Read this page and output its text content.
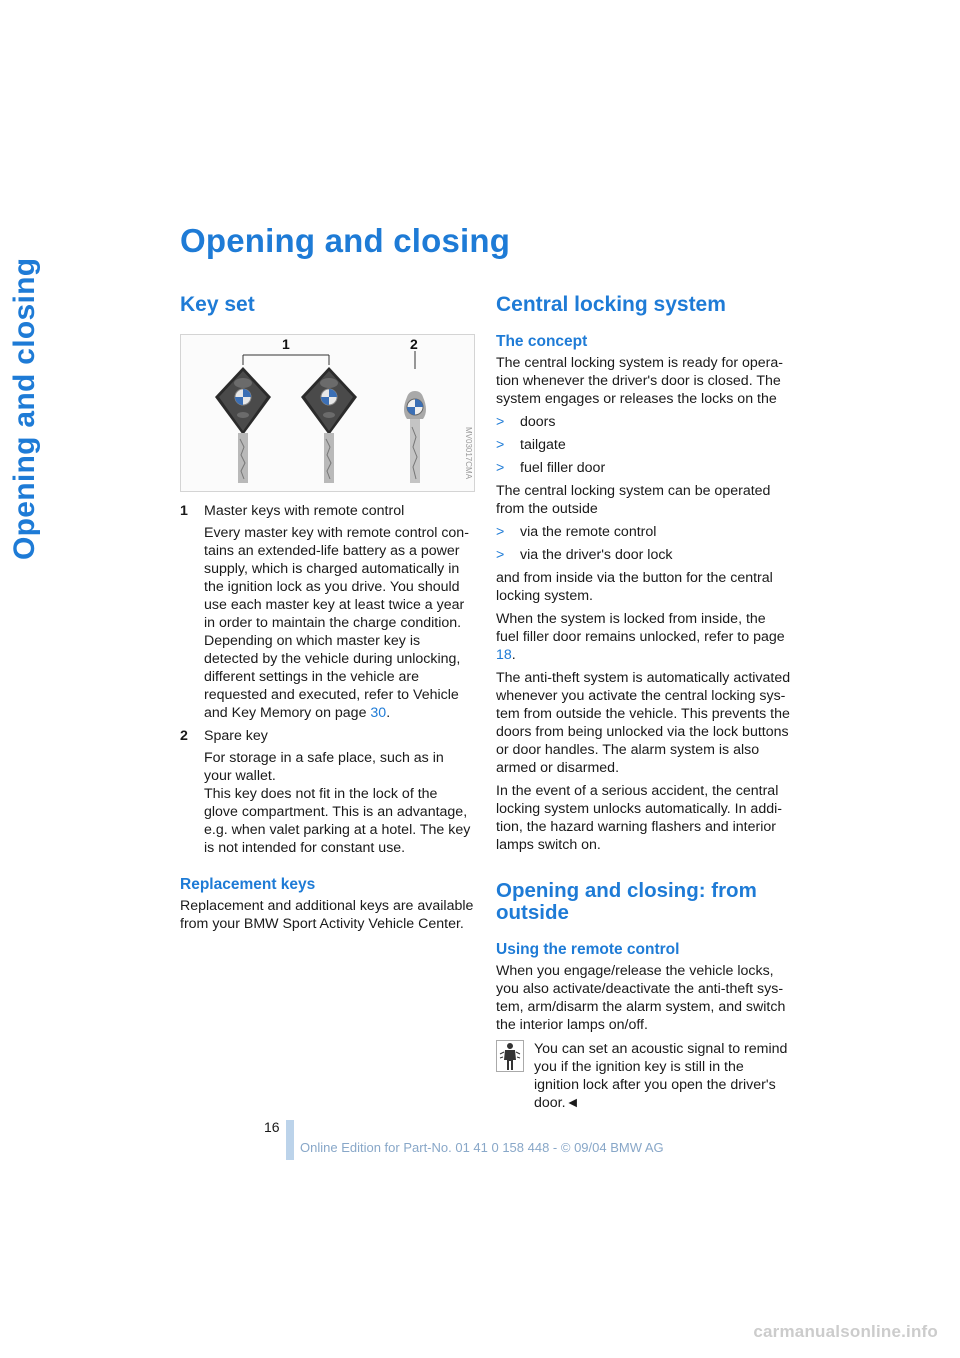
Opening and closing
Opening and closing
Key set
1	2
MV03017CMA
1 Master keys with remote control

Every master key with remote control con-tains an extended-life battery as a power supply, which is charged automatically in the ignition lock as you drive. You should use each master key at least twice a year in order to maintain the charge condition. Depending on which master key is detected by the vehicle during unlocking, different settings in the vehicle are requested and executed, refer to Vehicle and Key Memory on page 30.

2 Spare key

For storage in a safe place, such as in your wallet.

This key does not fit in the lock of the glove compartment. This is an advantage, e.g. when valet parking at a hotel. The key is not intended for constant use.

Replacement keys

Replacement and additional keys are available from your BMW Sport Activity Vehicle Center.

Central locking system
The concept

The central locking system is ready for opera-tion whenever the driver's door is closed. The system engages or releases the locks on the

> doors
> tailgate
> fuel filler door

The central locking system can be operated from the outside

> via the remote control
> via the driver's door lock

and from inside via the button for the central locking system.

When the system is locked from inside, the fuel filler door remains unlocked, refer to page 18.

The anti-theft system is automatically activated whenever you activate the central locking sys-tem from outside the vehicle. This prevents the doors from being unlocked via the lock buttons or door handles. The alarm system is also armed or disarmed.

In the event of a serious accident, the central locking system unlocks automatically. In addi-tion, the hazard warning flashers and interior lamps switch on.

Opening and closing: from outside
Using the remote control

When you engage/release the vehicle locks, you also activate/deactivate the anti-theft sys-tem, arm/disarm the alarm system, and switch the interior lamps on/off.

You can set an acoustic signal to remind you if the ignition key is still in the ignition lock after you open the driver's door.◄

16
Online Edition for Part-No. 01 41 0 158 448 - © 09/04 BMW AG
carmanualsonline.info
